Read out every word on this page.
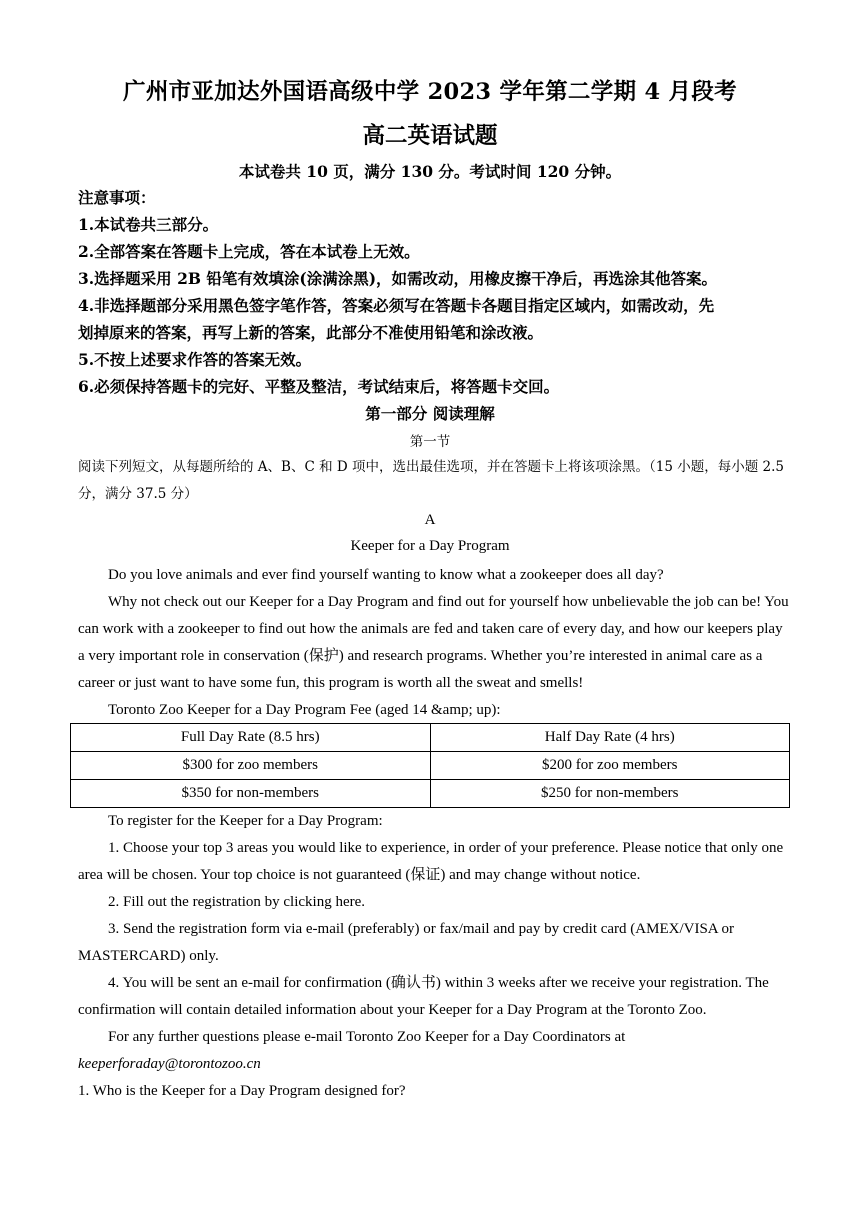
广州市亚加达外国语高级中学 2023 学年第二学期 4 月段考
高二英语试题
本试卷共 10 页，满分 130 分。考试时间 120 分钟。
注意事项：
1.本试卷共三部分。
2.全部答案在答题卡上完成，答在本试卷上无效。
3.选择题采用 2B 铅笔有效填涂(涂满涂黑)，如需改动，用橡皮擦干净后，再选涂其他答案。
4.非选择题部分采用黑色签字笔作答，答案必须写在答题卡各题目指定区域内，如需改动，先
划掉原来的答案，再写上新的答案，此部分不准使用铅笔和涂改液。
5.不按上述要求作答的答案无效。
6.必须保持答题卡的完好、平整及整洁，考试结束后，将答题卡交回。
第一部分 阅读理解
第一节
阅读下列短文，从每题所给的 A、B、C 和 D 项中，选出最佳选项，并在答题卡上将该项涂黑。（15 小题，每小题 2.5 分，满分 37.5 分）
A
Keeper for a Day Program

Do you love animals and ever find yourself wanting to know what a zookeeper does all day?

Why not check out our Keeper for a Day Program and find out for yourself how unbelievable the job can be! You can work with a zookeeper to find out how the animals are fed and taken care of every day, and how our keepers play a very important role in conservation (保护) and research programs. Whether you’re interested in animal care as a career or just want to have some fun, this program is worth all the sweat and smells!

Toronto Zoo Keeper for a Day Program Fee (aged 14 &amp; up):

Full Day Rate (8.5 hrs)	Half Day Rate (4 hrs)
$300 for zoo members	$200 for zoo members
$350 for non-members	$250 for non-members

To register for the Keeper for a Day Program:

1. Choose your top 3 areas you would like to experience, in order of your preference. Please notice that only one area will be chosen. Your top choice is not guaranteed (保证) and may change without notice.

2. Fill out the registration by clicking here.

3. Send the registration form via e-mail (preferably) or fax/mail and pay by credit card (AMEX/VISA or MASTERCARD) only.

4. You will be sent an e-mail for confirmation (确认书) within 3 weeks after we receive your registration. The confirmation will contain detailed information about your Keeper for a Day Program at the Toronto Zoo.

For any further questions please e-mail Toronto Zoo Keeper for a Day Coordinators at

keeperforaday@torontozoo.cn

1. Who is the Keeper for a Day Program designed for?
